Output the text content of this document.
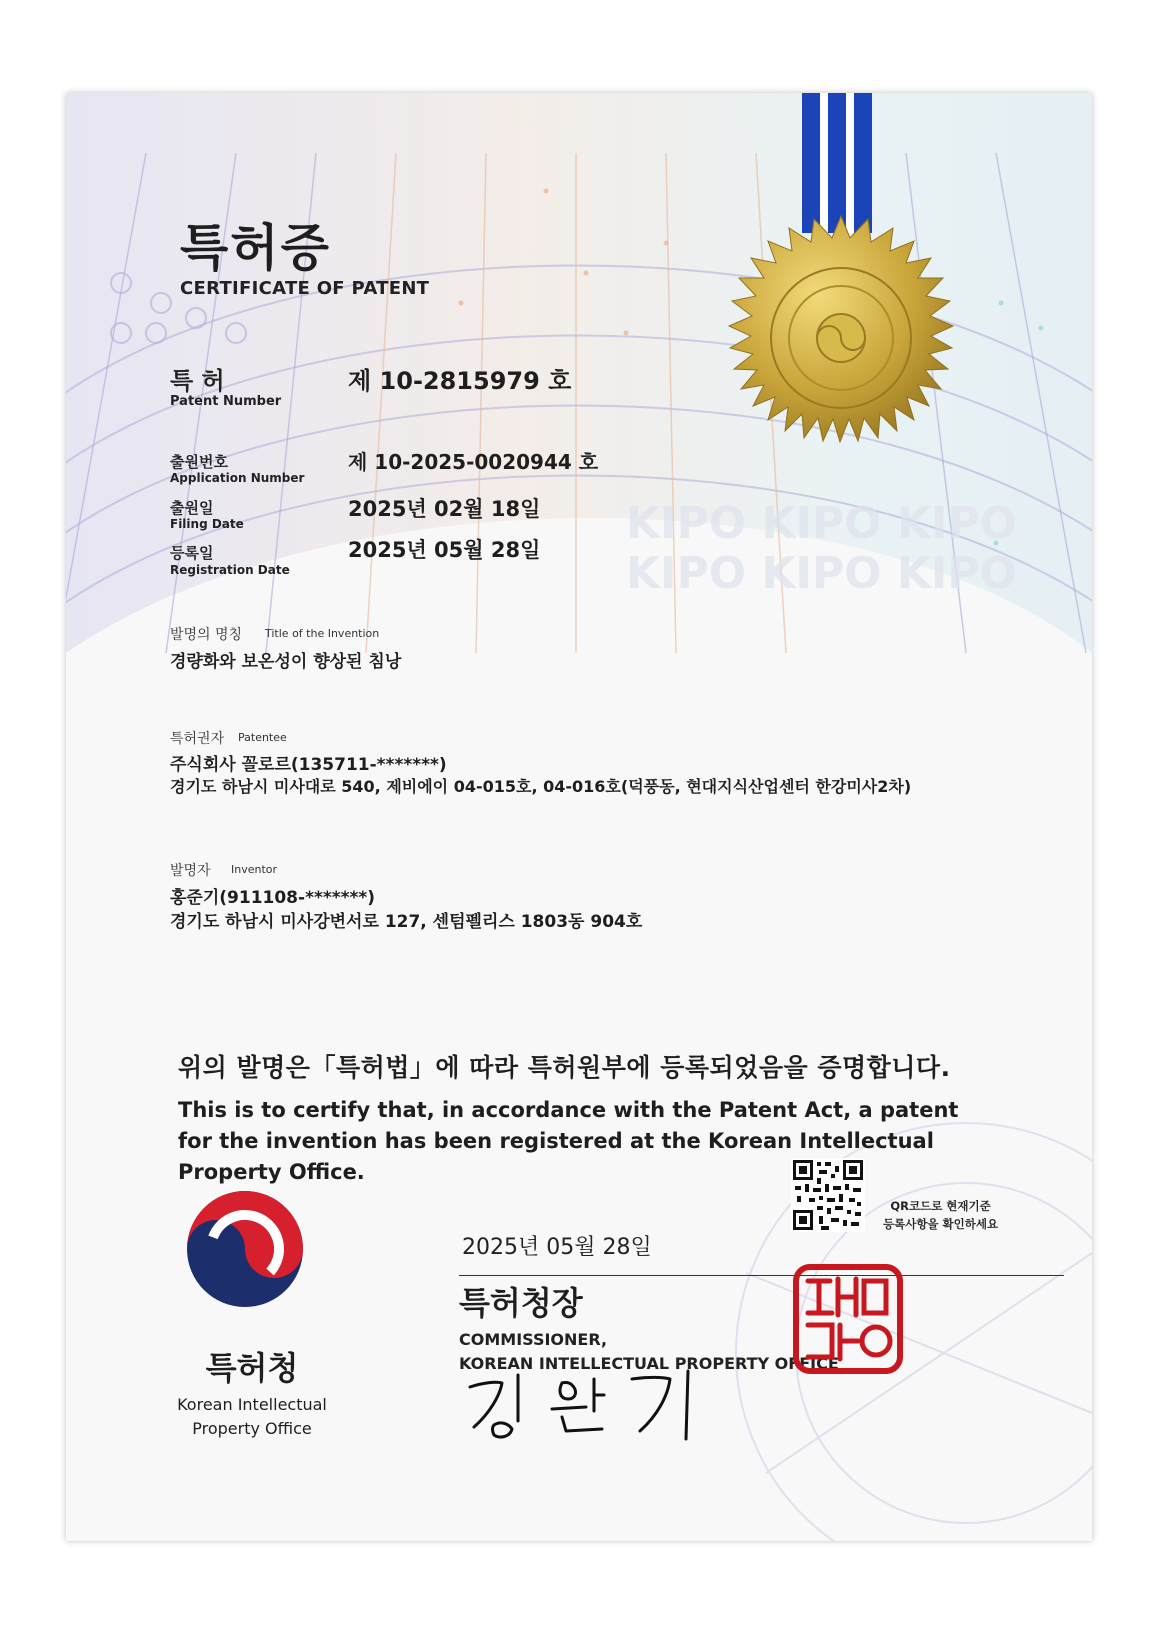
KIPO KIPO KIPO
KIPO KIPO KIPO
특허증
CERTIFICATE OF PATENT
특 허
Patent Number
제 10-2815979 호
출원번호
Application Number
제 10-2025-0020944 호
출원일
Filing Date
2025년 02월 18일
등록일
Registration Date
2025년 05월 28일
발명의 명칭 Title of the Invention
경량화와 보온성이 향상된 침낭
특허권자 Patentee
주식회사 꼴로르(135711-*******)
경기도 하남시 미사대로 540, 제비에이 04-015호, 04-016호(덕풍동, 현대지식산업센터 한강미사2차)
발명자 Inventor
홍준기(911108-*******)
경기도 하남시 미사강변서로 127, 센텀펠리스 1803동 904호
위의 발명은「특허법」에 따라 특허원부에 등록되었음을 증명합니다.
This is to certify that, in accordance with the Patent Act, a patent for the invention has been registered at the Korean Intellectual Property Office.
2025년 05월 28일
QR코드로 현재기준
등록사항을 확인하세요
특허청장
COMMISSIONER,
KOREAN INTELLECTUAL PROPERTY OFFICE
특허청
Korean Intellectual
Property Office
